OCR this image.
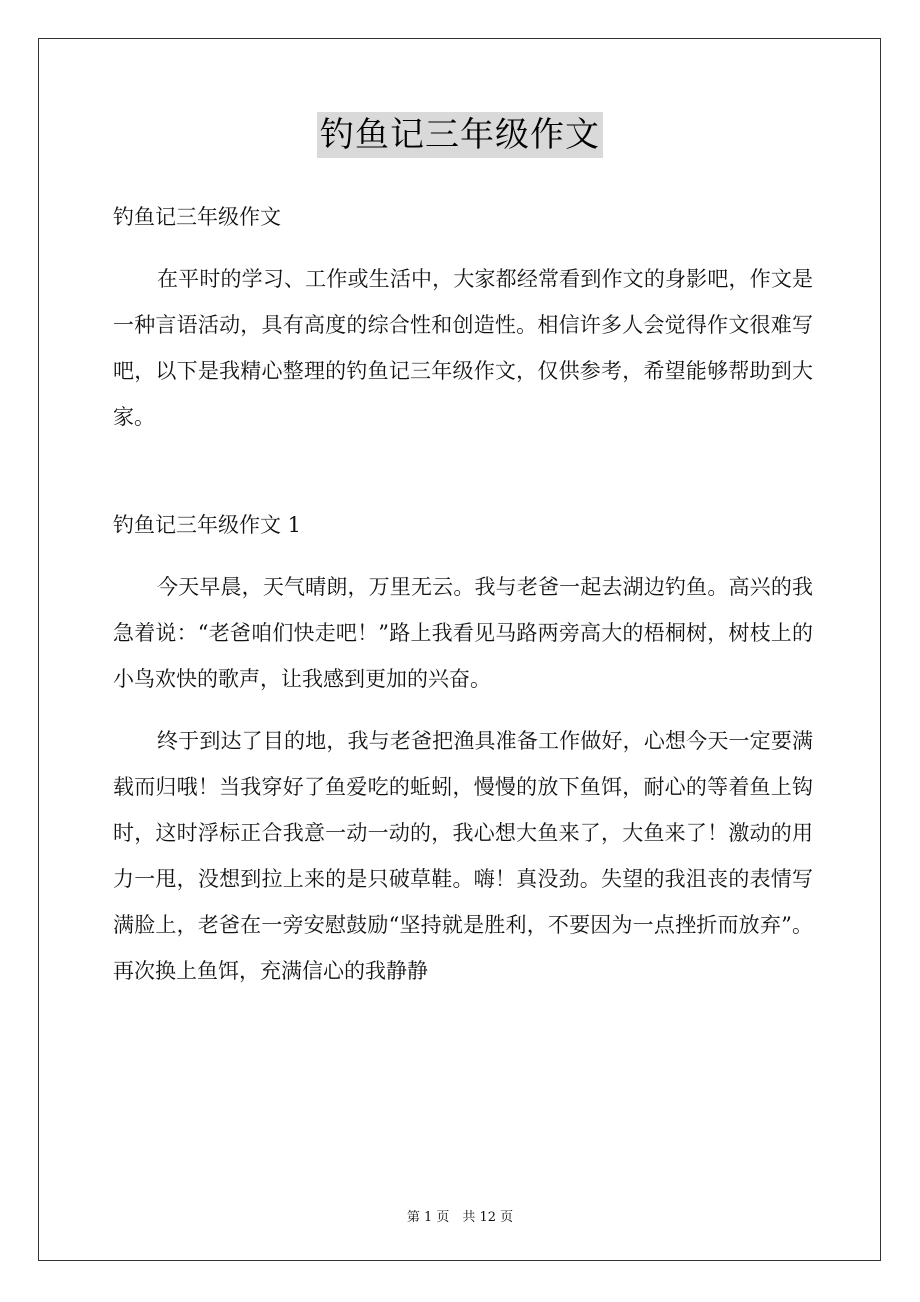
钓鱼记三年级作文

钓鱼记三年级作文

在平时的学习、工作或生活中，大家都经常看到作文的身影吧，作文是一种言语活动，具有高度的综合性和创造性。相信许多人会觉得作文很难写吧，以下是我精心整理的钓鱼记三年级作文，仅供参考，希望能够帮助到大家。

钓鱼记三年级作文 1

今天早晨，天气晴朗，万里无云。我与老爸一起去湖边钓鱼。高兴的我急着说：“老爸咱们快走吧！”路上我看见马路两旁高大的梧桐树，树枝上的小鸟欢快的歌声，让我感到更加的兴奋。

终于到达了目的地，我与老爸把渔具准备工作做好，心想今天一定要满载而归哦！当我穿好了鱼爱吃的蚯蚓，慢慢的放下鱼饵，耐心的等着鱼上钩时，这时浮标正合我意一动一动的，我心想大鱼来了，大鱼来了！激动的用力一甩，没想到拉上来的是只破草鞋。嗨！真没劲。失望的我沮丧的表情写满脸上，老爸在一旁安慰鼓励“坚持就是胜利，不要因为一点挫折而放弃”。再次换上鱼饵，充满信心的我静静

第 1 页　共 12 页
